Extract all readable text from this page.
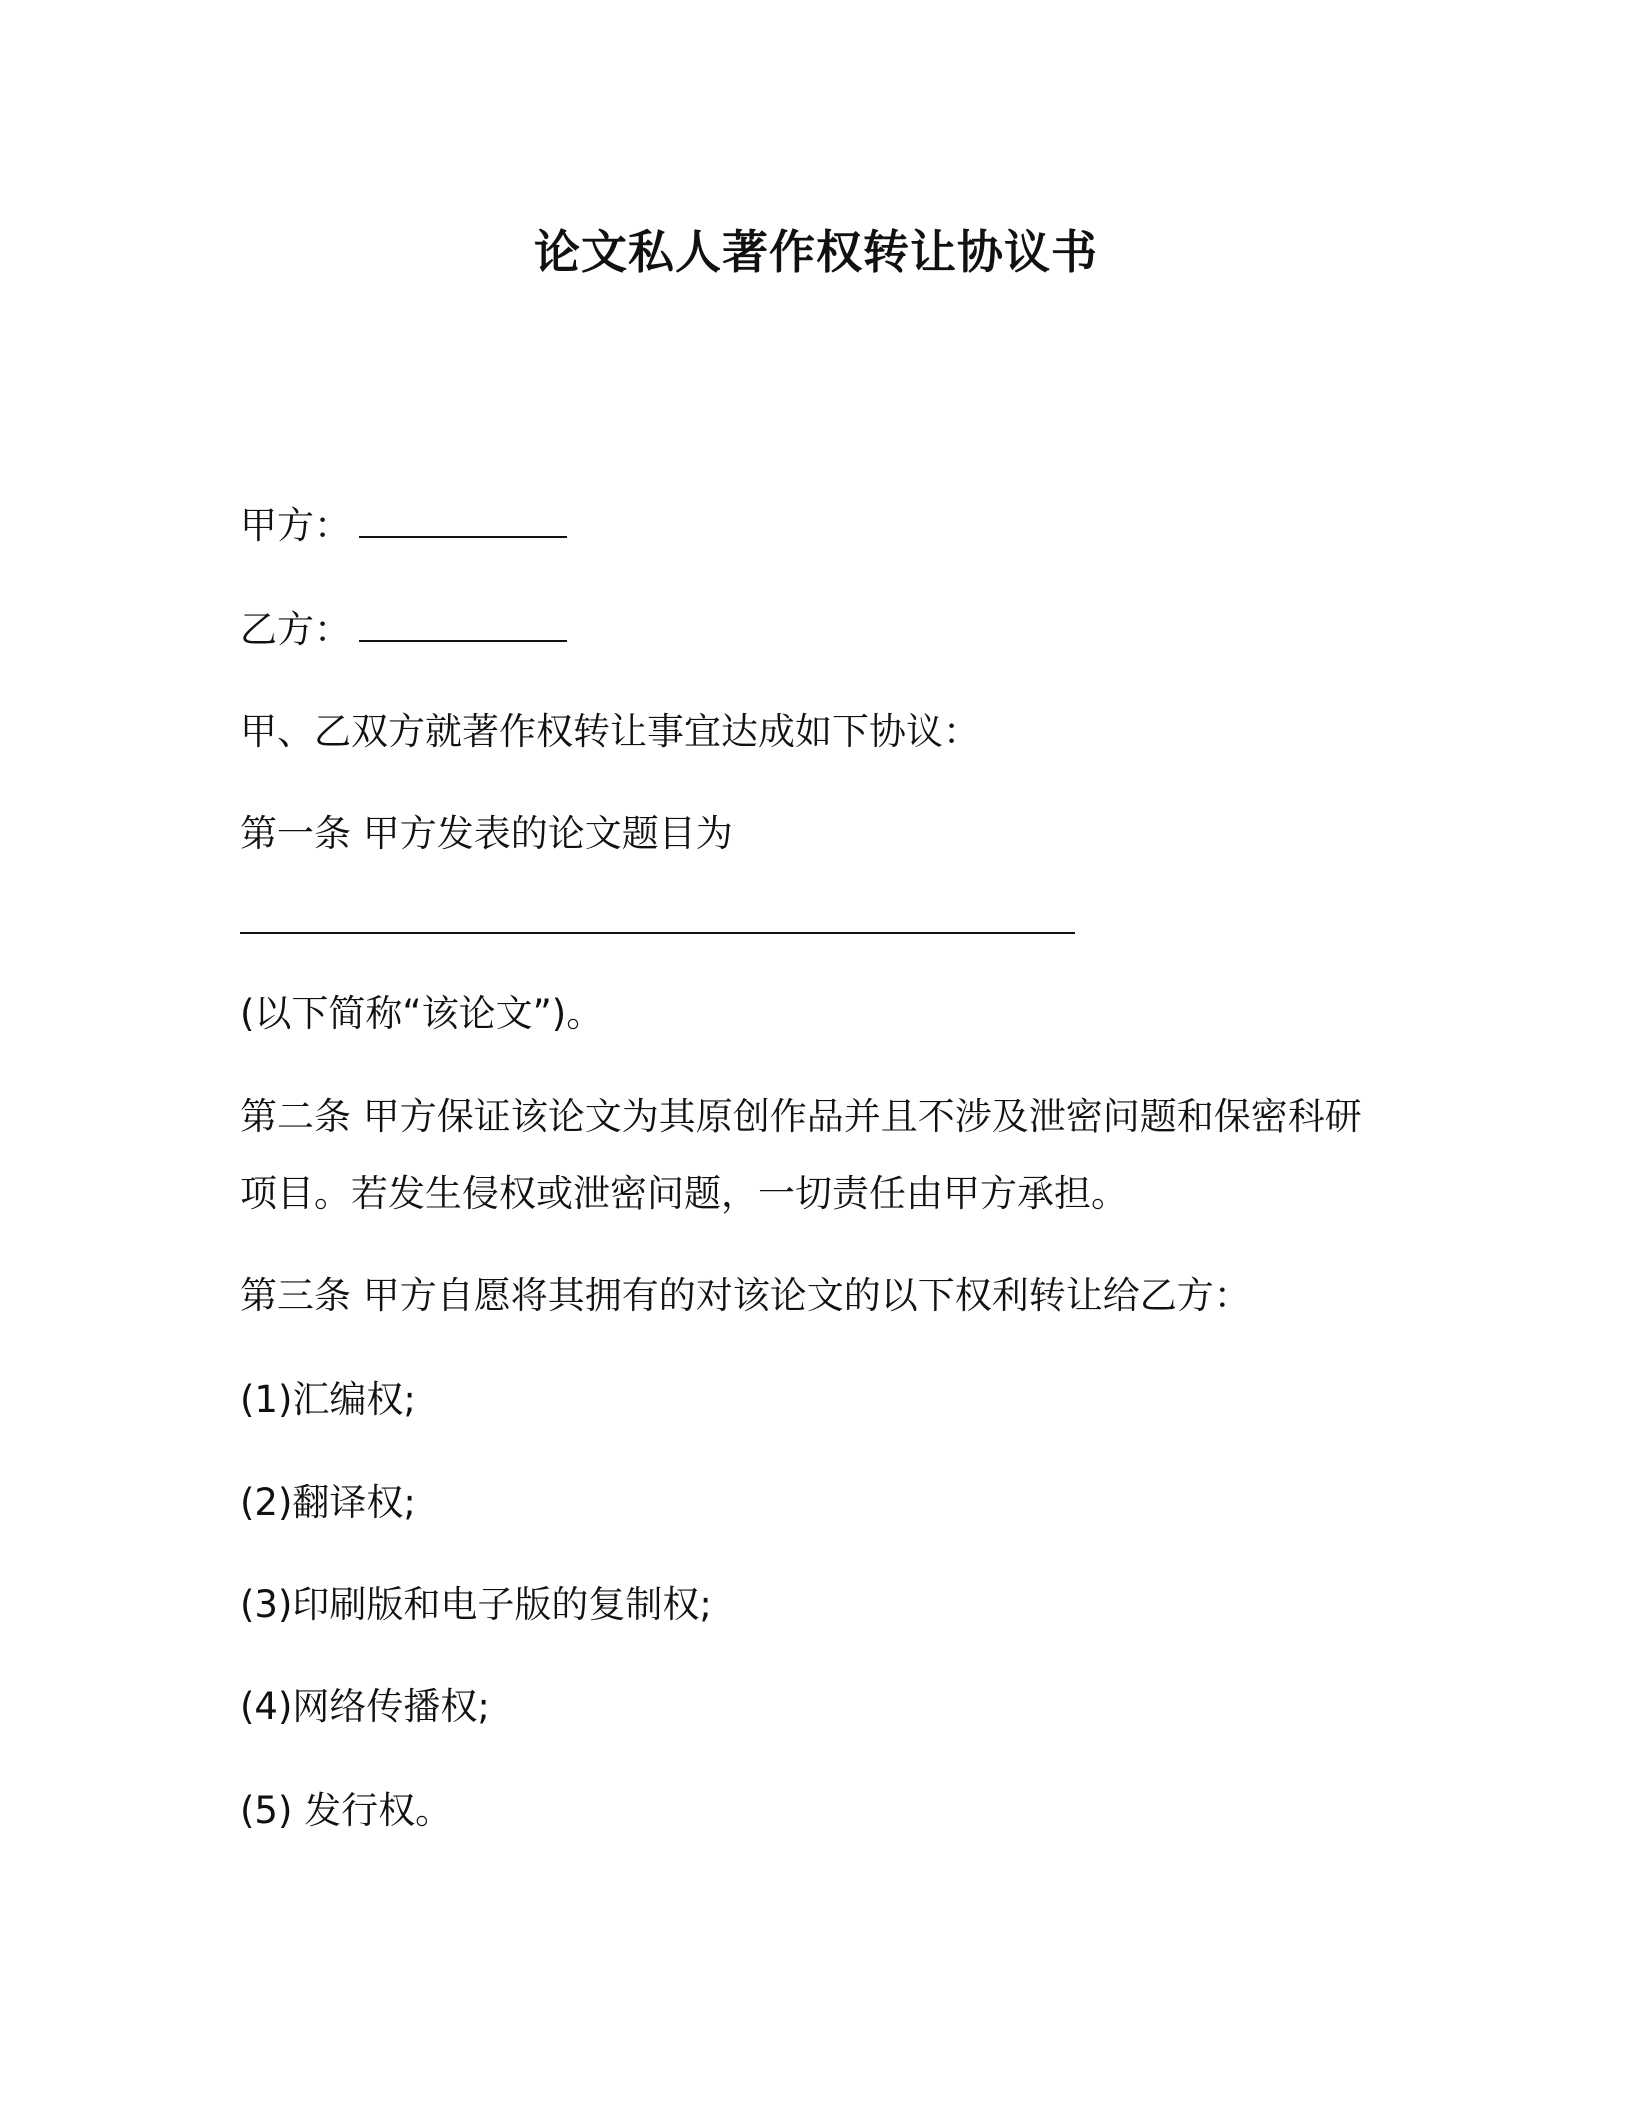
论文私人著作权转让协议书
甲方：
乙方：
甲、乙双方就著作权转让事宜达成如下协议：
第一条 甲方发表的论文题目为
(以下简称“该论文”)。
第二条 甲方保证该论文为其原创作品并且不涉及泄密问题和保密科研项目。若发生侵权或泄密问题，一切责任由甲方承担。
第三条 甲方自愿将其拥有的对该论文的以下权利转让给乙方：
(1)汇编权;
(2)翻译权;
(3)印刷版和电子版的复制权;
(4)网络传播权;
(5) 发行权。
